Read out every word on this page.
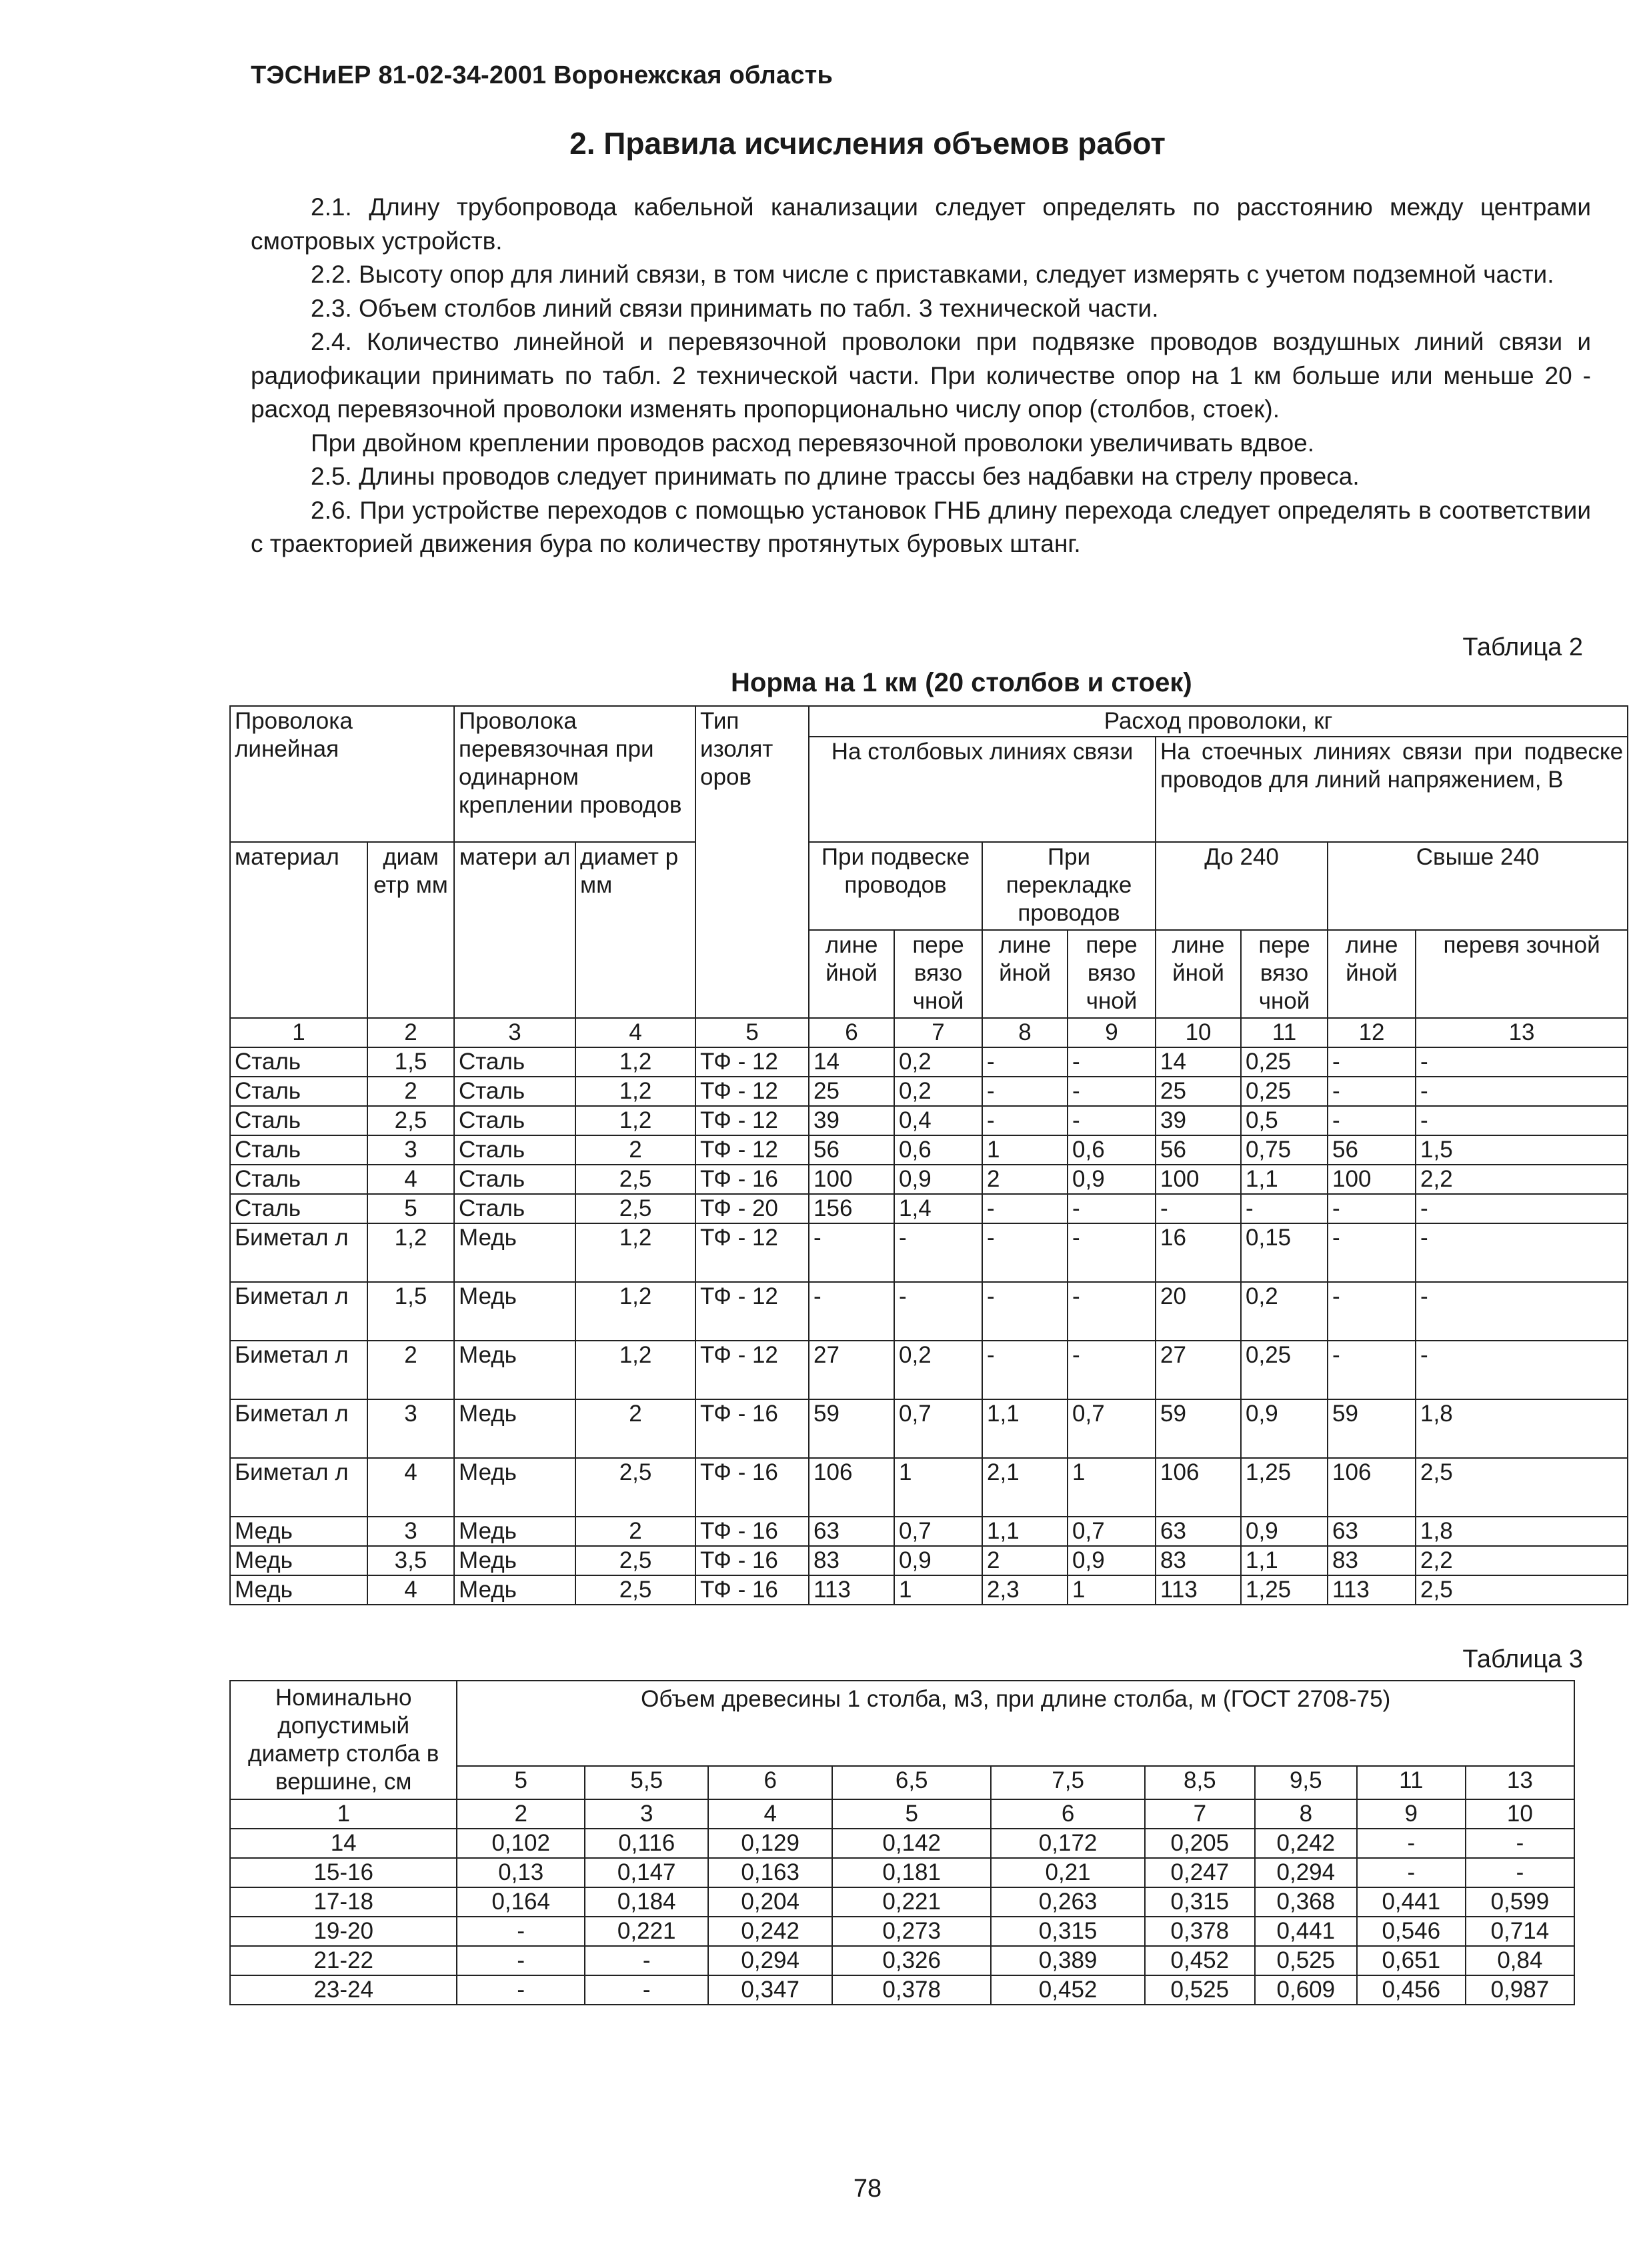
ТЭСНиЕР 81-02-34-2001 Воронежская область
2. Правила исчисления объемов работ

2.1. Длину трубопровода кабельной канализации следует определять по расстоянию между центрами смотровых устройств.

2.2. Высоту опор для линий связи, в том числе с приставками, следует измерять с учетом подземной части.

2.3. Объем столбов линий связи принимать по табл. 3 технической части.

2.4. Количество линейной и перевязочной проволоки при подвязке проводов воздушных линий связи и радиофикации принимать по табл. 2 технической части. При количестве опор на 1 км больше или меньше 20 - расход перевязочной проволоки изменять пропорционально числу опор (столбов, стоек).

При двойном креплении проводов расход перевязочной проволоки увеличивать вдвое.

2.5. Длины проводов следует принимать по длине трассы без надбавки на стрелу провеса.

2.6. При устройстве переходов с помощью установок ГНБ длину перехода следует определять в соответствии с траекторией движения бура по количеству протянутых буровых штанг.

Таблица 2
Норма на 1 км (20 столбов и стоек)
Проволока линейная		Проволока перевязочная при одинарном креплении проводов		Тип изолят оров	Расход проволоки, кг							
					На столбовых линиях связи				На стоечных линиях связи при подвеске проводов для линий напряжением, В			
материал	диам етр мм	матери ал	диамет р мм		При подвеске проводов		При перекладке проводов		До 240		Свыше 240	
					лине йной	пере вязо чной	лине йной	пере вязо чной	лине йной	пере вязо чной	лине йной	перевя зочной
1	2	3	4	5	6	7	8	9	10	11	12	13
Сталь	1,5	Сталь	1,2	ТФ - 12	14	0,2	-	-	14	0,25	-	-
Сталь	2	Сталь	1,2	ТФ - 12	25	0,2	-	-	25	0,25	-	-
Сталь	2,5	Сталь	1,2	ТФ - 12	39	0,4	-	-	39	0,5	-	-
Сталь	3	Сталь	2	ТФ - 12	56	0,6	1	0,6	56	0,75	56	1,5
Сталь	4	Сталь	2,5	ТФ - 16	100	0,9	2	0,9	100	1,1	100	2,2
Сталь	5	Сталь	2,5	ТФ - 20	156	1,4	-	-	-	-	-	-
Биметал л	1,2	Медь	1,2	ТФ - 12	-	-	-	-	16	0,15	-	-
Биметал л	1,5	Медь	1,2	ТФ - 12	-	-	-	-	20	0,2	-	-
Биметал л	2	Медь	1,2	ТФ - 12	27	0,2	-	-	27	0,25	-	-
Биметал л	3	Медь	2	ТФ - 16	59	0,7	1,1	0,7	59	0,9	59	1,8
Биметал л	4	Медь	2,5	ТФ - 16	106	1	2,1	1	106	1,25	106	2,5
Медь	3	Медь	2	ТФ - 16	63	0,7	1,1	0,7	63	0,9	63	1,8
Медь	3,5	Медь	2,5	ТФ - 16	83	0,9	2	0,9	83	1,1	83	2,2
Медь	4	Медь	2,5	ТФ - 16	113	1	2,3	1	113	1,25	113	2,5
Таблица 3
Номинально допустимый диаметр столба в вершине, см	Объем древесины 1 столба, м3, при длине столба, м (ГОСТ 2708-75)								
	5	5,5	6	6,5	7,5	8,5	9,5	11	13
1	2	3	4	5	6	7	8	9	10
14	0,102	0,116	0,129	0,142	0,172	0,205	0,242	-	-
15-16	0,13	0,147	0,163	0,181	0,21	0,247	0,294	-	-
17-18	0,164	0,184	0,204	0,221	0,263	0,315	0,368	0,441	0,599
19-20	-	0,221	0,242	0,273	0,315	0,378	0,441	0,546	0,714
21-22	-	-	0,294	0,326	0,389	0,452	0,525	0,651	0,84
23-24	-	-	0,347	0,378	0,452	0,525	0,609	0,456	0,987
78
